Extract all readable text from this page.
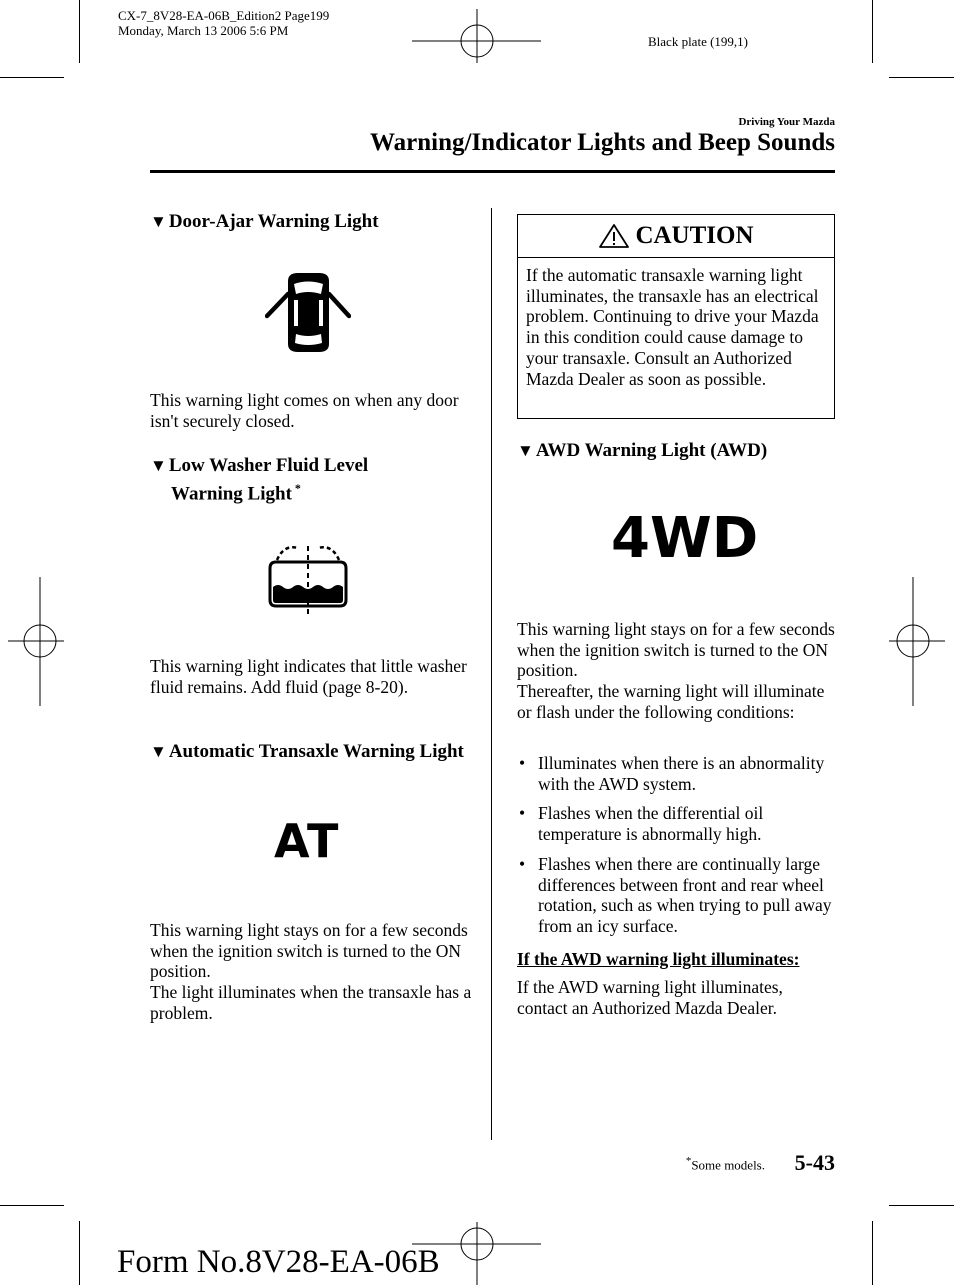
CX-7_8V28-EA-06B_Edition2 Page199
Monday, March 13 2006 5:6 PM
Black plate (199,1)
Driving Your Mazda
Warning/Indicator Lights and Beep Sounds
▼ Door-Ajar Warning Light
This warning light comes on when any door isn't securely closed.
▼ Low Washer Fluid Level
Warning Light *
This warning light indicates that little washer fluid remains. Add fluid (page 8-20).
▼ Automatic Transaxle Warning Light
AT

This warning light stays on for a few seconds when the ignition switch is turned to the ON position.

The light illuminates when the transaxle has a problem.

CAUTION
If the automatic transaxle warning light illuminates, the transaxle has an electrical problem. Continuing to drive your Mazda in this condition could cause damage to your transaxle. Consult an Authorized Mazda Dealer as soon as possible.
▼ AWD Warning Light (AWD)
4WD

This warning light stays on for a few seconds when the ignition switch is turned to the ON position.

Thereafter, the warning light will illuminate or flash under the following conditions:

• Illuminates when there is an abnormality with the AWD system.
• Flashes when the differential oil temperature is abnormally high.
• Flashes when there are continually large differences between front and rear wheel rotation, such as when trying to pull away from an icy surface.
If the AWD warning light illuminates:
If the AWD warning light illuminates, contact an Authorized Mazda Dealer.
*Some models. 5-43
Form No.8V28-EA-06B
